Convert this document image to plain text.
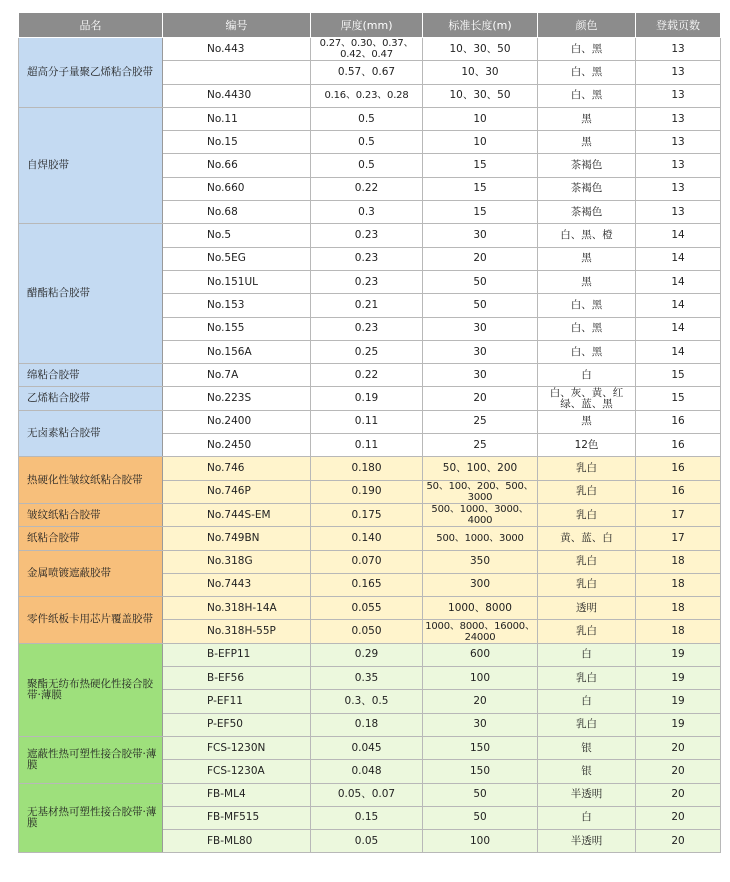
品名	编号	厚度(mm)	标准长度(m)	颜色	登载页数
超高分子量聚乙烯粘合胶带	No.443	0.27、0.30、0.37、0.42、0.47	10、30、50	白、黑	13
		0.57、0.67	10、30	白、黑	13
	No.4430	0.16、0.23、0.28	10、30、50	白、黑	13
自焊胶带	No.11	0.5	10	黑	13
	No.15	0.5	10	黑	13
	No.66	0.5	15	茶褐色	13
	No.660	0.22	15	茶褐色	13
	No.68	0.3	15	茶褐色	13
醋酯粘合胶带	No.5	0.23	30	白、黑、橙	14
	No.5EG	0.23	20	黑	14
	No.151UL	0.23	50	黑	14
	No.153	0.21	50	白、黑	14
	No.155	0.23	30	白、黑	14
	No.156A	0.25	30	白、黑	14
绵粘合胶带	No.7A	0.22	30	白	15
乙烯粘合胶带	No.223S	0.19	20	白、灰、黄、红绿、蓝、黑	15
无卤素粘合胶带	No.2400	0.11	25	黑	16
	No.2450	0.11	25	12色	16
热硬化性皱纹纸粘合胶带	No.746	0.180	50、100、200	乳白	16
	No.746P	0.190	50、100、200、500、3000	乳白	16
皱纹纸粘合胶带	No.744S-EM	0.175	500、1000、3000、4000	乳白	17
纸粘合胶带	No.749BN	0.140	500、1000、3000	黄、蓝、白	17
金属喷镀遮蔽胶带	No.318G	0.070	350	乳白	18
	No.7443	0.165	300	乳白	18
零件纸板卡用芯片覆盖胶带	No.318H-14A	0.055	1000、8000	透明	18
	No.318H-55P	0.050	1000、8000、16000、24000	乳白	18
聚酯无纺布热硬化性接合胶带·薄膜	B-EFP11	0.29	600	白	19
	B-EF56	0.35	100	乳白	19
	P-EF11	0.3、0.5	20	白	19
	P-EF50	0.18	30	乳白	19
遮蔽性热可塑性接合胶带·薄膜	FCS-1230N	0.045	150	银	20
	FCS-1230A	0.048	150	银	20
无基材热可塑性接合胶带·薄膜	FB-ML4	0.05、0.07	50	半透明	20
	FB-MF515	0.15	50	白	20
	FB-ML80	0.05	100	半透明	20
